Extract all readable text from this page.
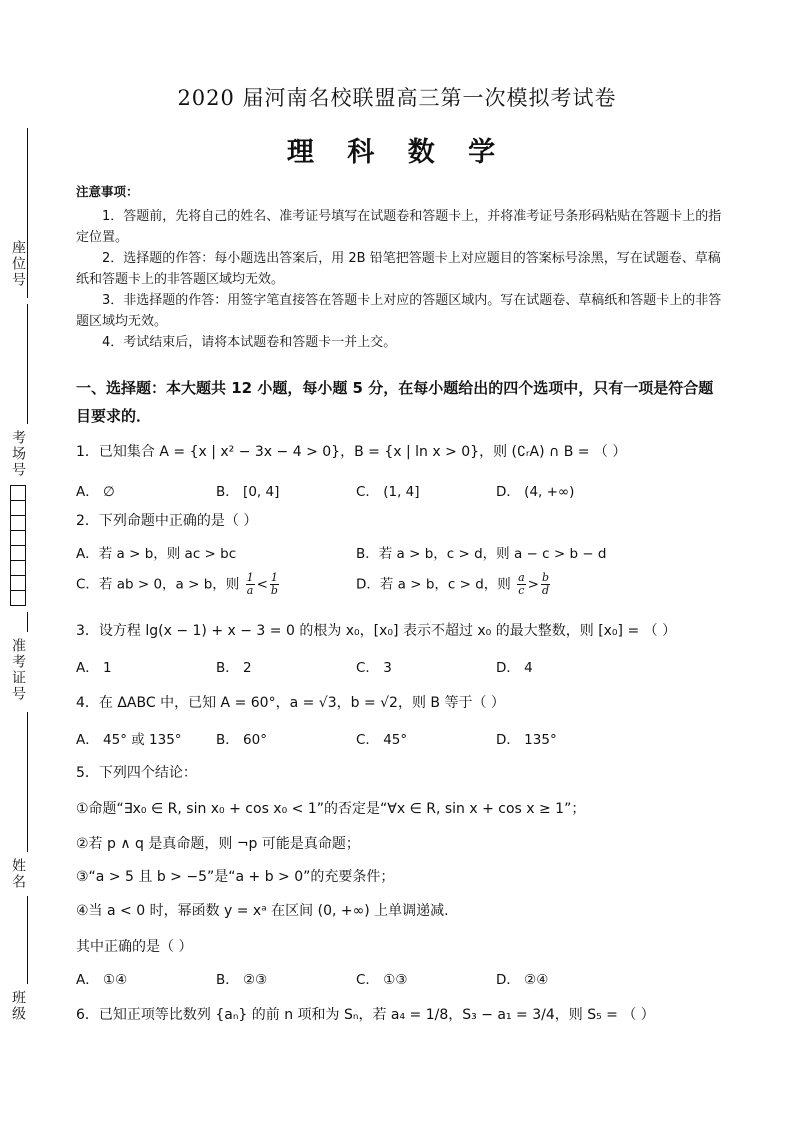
2020 届河南名校联盟高三第一次模拟考试卷
理 科 数 学
座位号
考场号
准考证号
姓名
班级
注意事项：

1．答题前，先将自己的姓名、准考证号填写在试题卷和答题卡上，并将准考证号条形码粘贴在答题卡上的指定位置。

2．选择题的作答：每小题选出答案后，用 2B 铅笔把答题卡上对应题目的答案标号涂黑，写在试题卷、草稿纸和答题卡上的非答题区域均无效。

3．非选择题的作答：用签字笔直接答在答题卡上对应的答题区域内。写在试题卷、草稿纸和答题卡上的非答题区域均无效。

4．考试结束后，请将本试题卷和答题卡一并上交。

一、选择题：本大题共 12 小题，每小题 5 分，在每小题给出的四个选项中，只有一项是符合题目要求的．
1．已知集合 A = {x | x² − 3x − 4 > 0}，B = {x | ln x > 0}，则 (∁ᵣA) ∩ B = （ ）
A． ∅	B． [0, 4]	C． (1, 4]	D． (4, +∞)
2．下列命题中正确的是（ ）
A．若 a > b，则 ac > bc	B．若 a > b，c > d，则 a − c > b − d
C．若 ab > 0，a > b，则 $\frac{1}{a} < \frac{1}{b}$	D．若 a > b，c > d，则 $\frac{a}{c} > \frac{b}{d}$
3．设方程 lg(x − 1) + x − 3 = 0 的根为 x₀，[x₀] 表示不超过 x₀ 的最大整数，则 [x₀] = （ ）
A． 1	B． 2	C． 3	D． 4
4．在 ΔABC 中，已知 A = 60°，a = √3，b = √2，则 B 等于（ ）
A． 45° 或 135°	B． 60°	C． 45°	D． 135°
5．下列四个结论：
①命题“∃x₀ ∈ R, sin x₀ + cos x₀ < 1”的否定是“∀x ∈ R, sin x + cos x ≥ 1”；
②若 p ∧ q 是真命题，则 ¬p 可能是真命题；
③“a > 5 且 b > −5”是“a + b > 0”的充要条件；
④当 a < 0 时，幂函数 y = xᵃ 在区间 (0, +∞) 上单调递减.
其中正确的是（ ）
A． ①④	B． ②③	C． ①③	D． ②④
6．已知正项等比数列 {aₙ} 的前 n 项和为 Sₙ，若 a₄ = 1/8，S₃ − a₁ = 3/4，则 S₅ = （ ）
